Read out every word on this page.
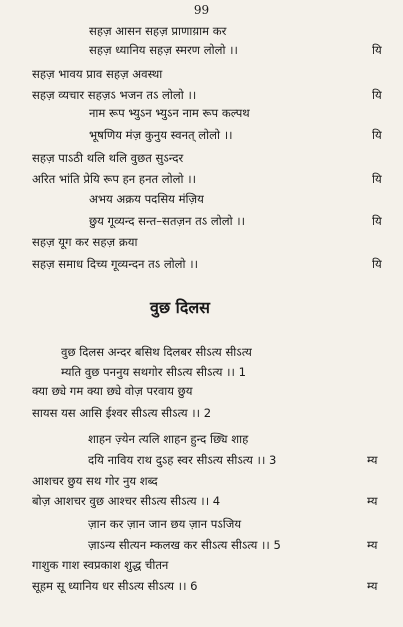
99
सहज़ आसन सहज़ प्राणाय़ाम कर
सहज़ ध्यानिय सहज़ स्मरण लोलो ।।	यि
सहज़ भावय प्राव सहज़ अवस्था
सहज़ व्यचार सहज़ऽ भजन तऽ लोलो ।।	यि
नाम रूप भ्युऽन भ्युऽन नाम रूप कल्पथ
भूषणिय मंज़ कुनुय स्वनत् लोलो ।।	यि
सहज़ पाऽठी थलि थलि वुछत सुऽन्दर
अरित भांति प्रेयि रूप हन हनत लोलो ।।	यि
अभय अक्रय पदसिय मंज़िय
छुय गूव्यन्द सन्त–सतज़न तऽ लोलो ।।	यि
सहज़ यूग कर सहज़ क्रया
सहज़ समाध दिच्य गूव्यन्दन तऽ लोलो ।।	यि
वुछ दिलस
वुछ दिलस अन्दर बसिथ दिलबर सीऽत्य सीऽत्य
म्यति वुछ पननुय सथगोर सीऽत्य सीऽत्य ।। 1
क्या छ्ये गम क्या छ्ये वोज़ परवाय छुय
सायस यस आसि ईश्वर सीऽत्य सीऽत्य ।। 2
शाहन ज़्येन त्यलि शाहन हुन्द छ्यि शाह
दयि नाविय राथ दुऽह स्वर सीऽत्य सीऽत्य ।। 3	म्य
आशचर छुय सथ गोर नुय शब्द
बोज़ आशचर वुछ आश्चर सीऽत्य सीऽत्य ।। 4	म्य
ज़ान कर ज़ान जान छय ज़ान पऽजिय
ज़ाऽन्य सीत्यन म्कलख कर सीऽत्य सीऽत्य ।। 5	म्य
गाशुक गाश स्वप्रकाश शुद्ध चीतन
सूहम सू ध्यानिय धर सीऽत्य सीऽत्य ।। 6	म्य
